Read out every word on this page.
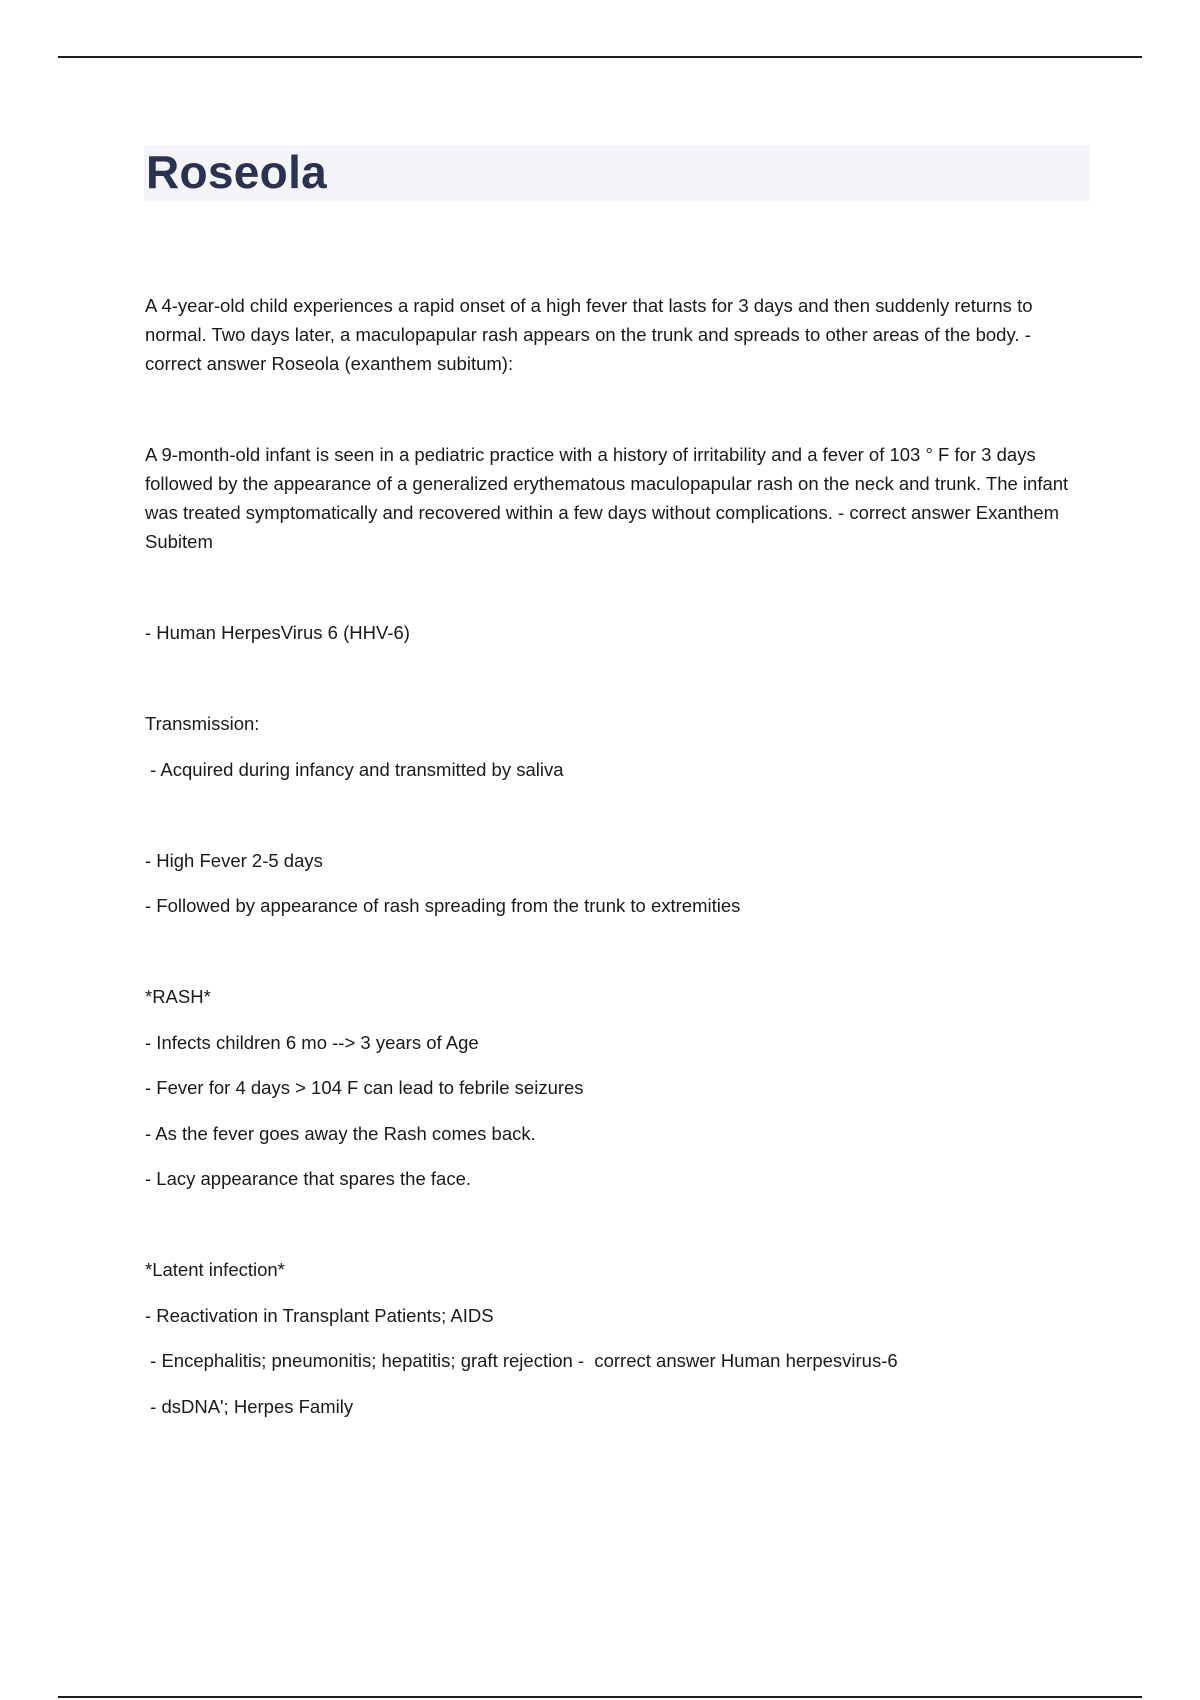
Roseola

A 4-year-old child experiences a rapid onset of a high fever that lasts for 3 days and then suddenly returns to normal. Two days later, a maculopapular rash appears on the trunk and spreads to other areas of the body. -  correct answer Roseola (exanthem subitum):

A 9-month-old infant is seen in a pediatric practice with a history of irritability and a fever of 103 ° F for 3 days followed by the appearance of a generalized erythematous maculopapular rash on the neck and trunk. The infant was treated symptomatically and recovered within a few days without complications. - correct answer Exanthem Subitem

- Human HerpesVirus 6 (HHV-6)

Transmission:

- Acquired during infancy and transmitted by saliva

- High Fever 2-5 days

- Followed by appearance of rash spreading from the trunk to extremities

*RASH*

- Infects children 6 mo --> 3 years of Age

- Fever for 4 days > 104 F can lead to febrile seizures

- As the fever goes away the Rash comes back.

- Lacy appearance that spares the face.

*Latent infection*

- Reactivation in Transplant Patients; AIDS

- Encephalitis; pneumonitis; hepatitis; graft rejection -  correct answer Human herpesvirus-6

- dsDNA'; Herpes Family
